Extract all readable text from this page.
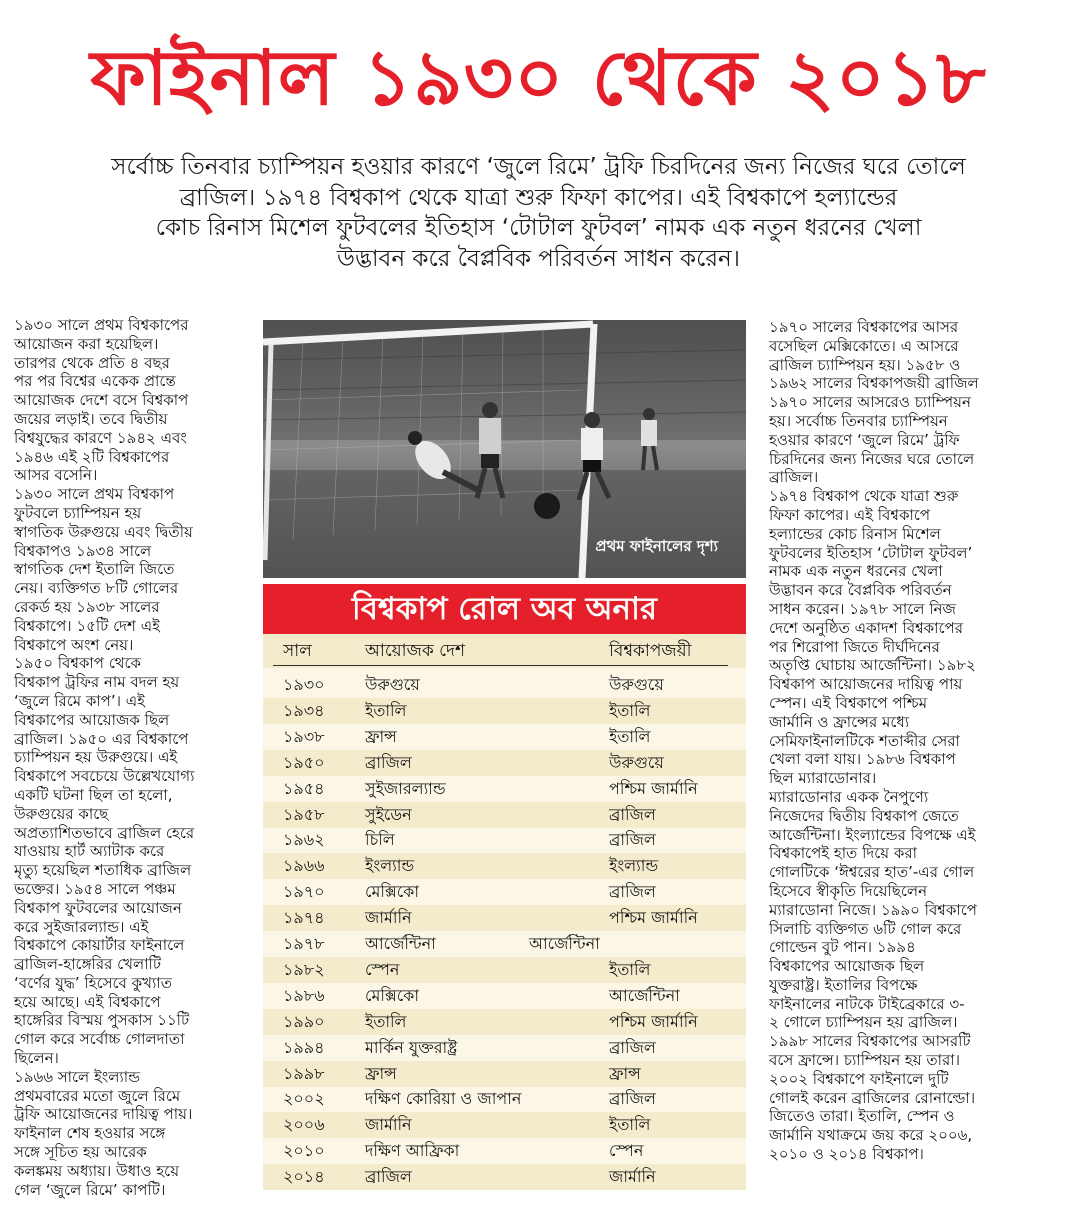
ফাইনাল ১৯৩০ থেকে ২০১৮
সর্বোচ্চ তিনবার চ্যাম্পিয়ন হওয়ার কারণে ‘জুলে রিমে’ ট্রফি চিরদিনের জন্য নিজের ঘরে তোলে
ব্রাজিল। ১৯৭৪ বিশ্বকাপ থেকে যাত্রা শুরু ফিফা কাপের। এই বিশ্বকাপে হল্যান্ডের
কোচ রিনাস মিশেল ফুটবলের ইতিহাস ‘টোটাল ফুটবল’ নামক এক নতুন ধরনের খেলা
উদ্ভাবন করে বৈপ্লবিক পরিবর্তন সাধন করেন।
১৯৩০ সালে প্রথম বিশ্বকাপের
আয়োজন করা হয়েছিল।
তারপর থেকে প্রতি ৪ বছর
পর পর বিশ্বের একেক প্রান্তে
আয়োজক দেশে বসে বিশ্বকাপ
জয়ের লড়াই। তবে দ্বিতীয়
বিশ্বযুদ্ধের কারণে ১৯৪২ এবং
১৯৪৬ এই ২টি বিশ্বকাপের
আসর বসেনি।
১৯৩০ সালে প্রথম বিশ্বকাপ
ফুটবলে চ্যাম্পিয়ন হয়
স্বাগতিক উরুগুয়ে এবং দ্বিতীয়
বিশ্বকাপও ১৯৩৪ সালে
স্বাগতিক দেশ ইতালি জিতে
নেয়। ব্যক্তিগত ৮টি গোলের
রেকর্ড হয় ১৯৩৮ সালের
বিশ্বকাপে। ১৫টি দেশ এই
বিশ্বকাপে অংশ নেয়।
১৯৫০ বিশ্বকাপ থেকে
বিশ্বকাপ ট্রফির নাম বদল হয়
‘জুলে রিমে কাপ’। এই
বিশ্বকাপের আয়োজক ছিল
ব্রাজিল। ১৯৫০ এর বিশ্বকাপে
চ্যাম্পিয়ন হয় উরুগুয়ে। এই
বিশ্বকাপে সবচেয়ে উল্লেখযোগ্য
একটি ঘটনা ছিল তা হলো,
উরুগুয়ের কাছে
অপ্রত্যাশিতভাবে ব্রাজিল হেরে
যাওয়ায় হার্ট অ্যাটাক করে
মৃত্যু হয়েছিল শতাধিক ব্রাজিল
ভক্তের। ১৯৫৪ সালে পঞ্চম
বিশ্বকাপ ফুটবলের আয়োজন
করে সুইজারল্যান্ড। এই
বিশ্বকাপে কোয়ার্টার ফাইনালে
ব্রাজিল-হাঙ্গেরির খেলাটি
‘বর্ণের যুদ্ধ’ হিসেবে কুখ্যাত
হয়ে আছে। এই বিশ্বকাপে
হাঙ্গেরির বিস্ময় পুসকাস ১১টি
গোল করে সর্বোচ্চ গোলদাতা
ছিলেন।
১৯৬৬ সালে ইংল্যান্ড
প্রথমবারের মতো জুলে রিমে
ট্রফি আয়োজনের দায়িত্ব পায়।
ফাইনাল শেষ হওয়ার সঙ্গে
সঙ্গে সূচিত হয় আরেক
কলঙ্কময় অধ্যায়। উধাও হয়ে
গেল ‘জুলে রিমে’ কাপটি।
১৯৭০ সালের বিশ্বকাপের আসর
বসেছিল মেক্সিকোতে। এ আসরে
ব্রাজিল চ্যাম্পিয়ন হয়। ১৯৫৮ ও
১৯৬২ সালের বিশ্বকাপজয়ী ব্রাজিল
১৯৭০ সালের আসরেও চ্যাম্পিয়ন
হয়। সর্বোচ্চ তিনবার চ্যাম্পিয়ন
হওয়ার কারণে ‘জুলে রিমে’ ট্রফি
চিরদিনের জন্য নিজের ঘরে তোলে
ব্রাজিল।
১৯৭৪ বিশ্বকাপ থেকে যাত্রা শুরু
ফিফা কাপের। এই বিশ্বকাপে
হল্যান্ডের কোচ রিনাস মিশেল
ফুটবলের ইতিহাস ‘টোটাল ফুটবল’
নামক এক নতুন ধরনের খেলা
উদ্ভাবন করে বৈপ্লবিক পরিবর্তন
সাধন করেন। ১৯৭৮ সালে নিজ
দেশে অনুষ্ঠিত একাদশ বিশ্বকাপের
পর শিরোপা জিতে দীর্ঘদিনের
অতৃপ্তি ঘোচায় আর্জেন্টিনা। ১৯৮২
বিশ্বকাপ আয়োজনের দায়িত্ব পায়
স্পেন। এই বিশ্বকাপে পশ্চিম
জার্মানি ও ফ্রান্সের মধ্যে
সেমিফাইনালটিকে শতাব্দীর সেরা
খেলা বলা যায়। ১৯৮৬ বিশ্বকাপ
ছিল ম্যারাডোনার।
ম্যারাডোনার একক নৈপুণ্যে
নিজেদের দ্বিতীয় বিশ্বকাপ জেতে
আর্জেন্টিনা। ইংল্যান্ডের বিপক্ষে এই
বিশ্বকাপেই হাত দিয়ে করা
গোলটিকে ‘ঈশ্বরের হাত’-এর গোল
হিসেবে স্বীকৃতি দিয়েছিলেন
ম্যারাডোনা নিজে। ১৯৯০ বিশ্বকাপে
সিলাচি ব্যক্তিগত ৬টি গোল করে
গোল্ডেন বুট পান। ১৯৯৪
বিশ্বকাপের আয়োজক ছিল
যুক্তরাষ্ট্র। ইতালির বিপক্ষে
ফাইনালের নাটকে টাইব্রেকারে ৩-
২ গোলে চ্যাম্পিয়ন হয় ব্রাজিল।
১৯৯৮ সালের বিশ্বকাপের আসরটি
বসে ফ্রান্সে। চ্যাম্পিয়ন হয় তারা।
২০০২ বিশ্বকাপে ফাইনালে দুটি
গোলই করেন ব্রাজিলের রোনাল্ডো।
জিতেও তারা। ইতালি, স্পেন ও
জার্মানি যথাক্রমে জয় করে ২০০৬,
২০১০ ও ২০১৪ বিশ্বকাপ।
প্রথম ফাইনালের দৃশ্য
বিশ্বকাপ রোল অব অনার
সাল	আয়োজক দেশ	বিশ্বকাপজয়ী
১৯৩০	উরুগুয়ে	উরুগুয়ে
১৯৩৪	ইতালি	ইতালি
১৯৩৮	ফ্রান্স	ইতালি
১৯৫০	ব্রাজিল	উরুগুয়ে
১৯৫৪	সুইজারল্যান্ড	পশ্চিম জার্মানি
১৯৫৮	সুইডেন	ব্রাজিল
১৯৬২	চিলি	ব্রাজিল
১৯৬৬	ইংল্যান্ড	ইংল্যান্ড
১৯৭০	মেক্সিকো	ব্রাজিল
১৯৭৪	জার্মানি	পশ্চিম জার্মানি
১৯৭৮	আর্জেন্টিনা	আর্জেন্টিনা
১৯৮২	স্পেন	ইতালি
১৯৮৬	মেক্সিকো	আর্জেন্টিনা
১৯৯০	ইতালি	পশ্চিম জার্মানি
১৯৯৪	মার্কিন যুক্তরাষ্ট্র	ব্রাজিল
১৯৯৮	ফ্রান্স	ফ্রান্স
২০০২	দক্ষিণ কোরিয়া ও জাপান	ব্রাজিল
২০০৬	জার্মানি	ইতালি
২০১০	দক্ষিণ আফ্রিকা	স্পেন
২০১৪	ব্রাজিল	জার্মানি
